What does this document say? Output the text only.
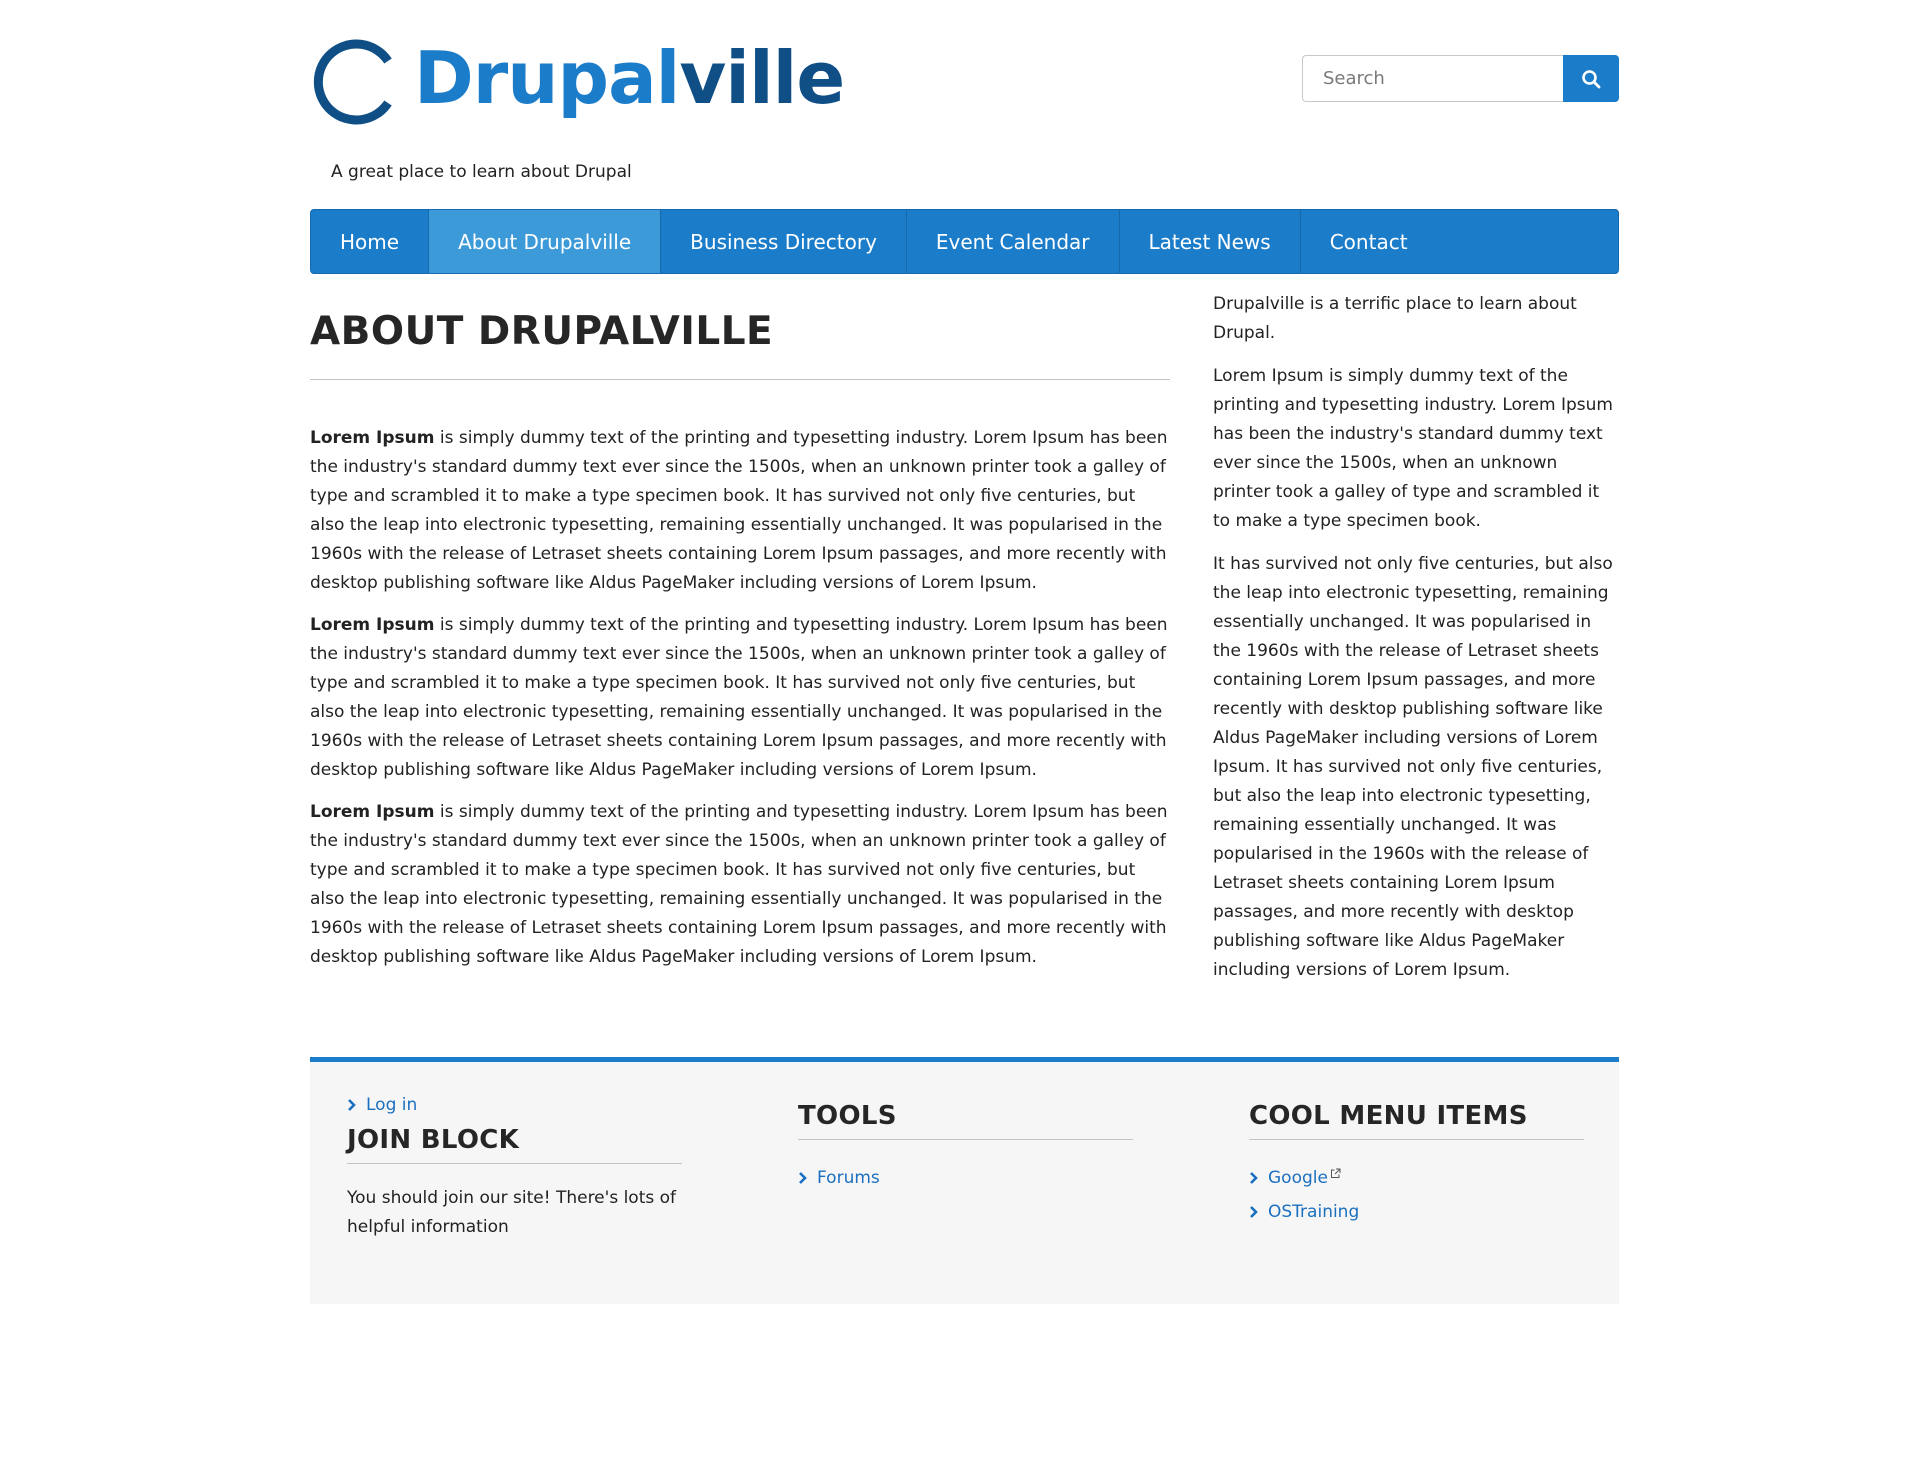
Drupalville
A great place to learn about Drupal
Search
Home	About Drupalville	Business Directory	Event Calendar	Latest News	Contact
ABOUT DRUPALVILLE

Lorem Ipsum is simply dummy text of the printing and typesetting industry. Lorem Ipsum has been the industry's standard dummy text ever since the 1500s, when an unknown printer took a galley of type and scrambled it to make a type specimen book. It has survived not only five centuries, but also the leap into electronic typesetting, remaining essentially unchanged. It was popularised in the 1960s with the release of Letraset sheets containing Lorem Ipsum passages, and more recently with desktop publishing software like Aldus PageMaker including versions of Lorem Ipsum.

Lorem Ipsum is simply dummy text of the printing and typesetting industry. Lorem Ipsum has been the industry's standard dummy text ever since the 1500s, when an unknown printer took a galley of type and scrambled it to make a type specimen book. It has survived not only five centuries, but also the leap into electronic typesetting, remaining essentially unchanged. It was popularised in the 1960s with the release of Letraset sheets containing Lorem Ipsum passages, and more recently with desktop publishing software like Aldus PageMaker including versions of Lorem Ipsum.

Lorem Ipsum is simply dummy text of the printing and typesetting industry. Lorem Ipsum has been the industry's standard dummy text ever since the 1500s, when an unknown printer took a galley of type and scrambled it to make a type specimen book. It has survived not only five centuries, but also the leap into electronic typesetting, remaining essentially unchanged. It was popularised in the 1960s with the release of Letraset sheets containing Lorem Ipsum passages, and more recently with desktop publishing software like Aldus PageMaker including versions of Lorem Ipsum.

Drupalville is a terrific place to learn about Drupal.

Lorem Ipsum is simply dummy text of the printing and typesetting industry. Lorem Ipsum has been the industry's standard dummy text ever since the 1500s, when an unknown printer took a galley of type and scrambled it to make a type specimen book.

It has survived not only five centuries, but also the leap into electronic typesetting, remaining essentially unchanged. It was popularised in the 1960s with the release of Letraset sheets containing Lorem Ipsum passages, and more recently with desktop publishing software like Aldus PageMaker including versions of Lorem Ipsum. It has survived not only five centuries, but also the leap into electronic typesetting, remaining essentially unchanged. It was popularised in the 1960s with the release of Letraset sheets containing Lorem Ipsum passages, and more recently with desktop publishing software like Aldus PageMaker including versions of Lorem Ipsum.

Log in
JOIN BLOCK
You should join our site! There's lots of helpful information
TOOLS
Forums
COOL MENU ITEMS
Google
OSTraining
